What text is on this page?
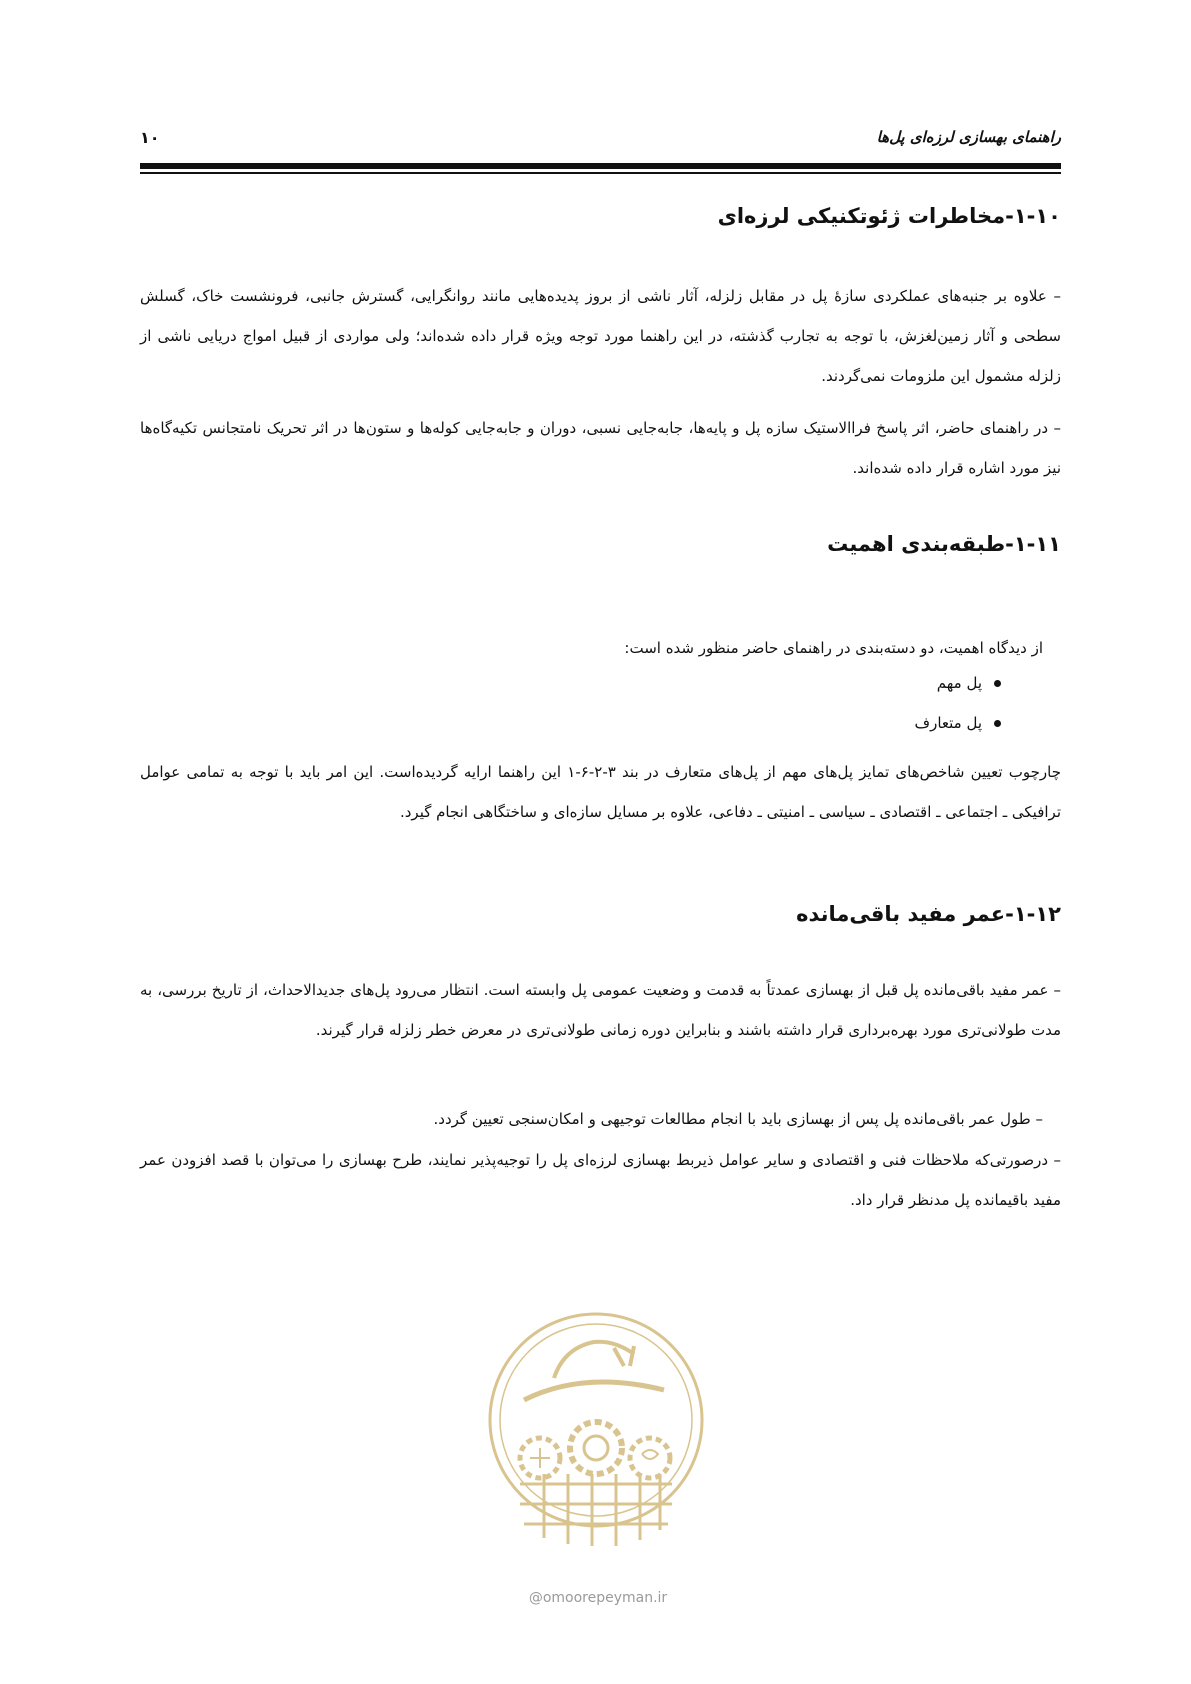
راهنمای بهسازی لرزه‌ای پل‌ها
۱۰
۱-۱۰-مخاطرات ژئوتکنیکی لرزه‌ای
– علاوه بر جنبه‌های عملکردی سازهٔ پل در مقابل زلزله، آثار ناشی از بروز پدیده‌هایی مانند روانگرایی، گسترش جانبی، فرونشست خاک، گسلش سطحی و آثار زمین‌لغزش، با توجه به تجارب گذشته، در این راهنما مورد توجه ویژه قرار داده شده‌اند؛ ولی مواردی از قبیل امواج دریایی ناشی از زلزله مشمول این ملزومات نمی‌گردند.
– در راهنمای حاضر، اثر پاسخ فراالاستیک سازه پل و پایه‌ها، جابه‌جایی نسبی، دوران و جابه‌جایی کوله‌ها و ستون‌ها در اثر تحریک نامتجانس تکیه‌گاه‌ها نیز مورد اشاره قرار داده شده‌اند.
۱-۱۱-طبقه‌بندی اهمیت
از دیدگاه اهمیت، دو دسته‌بندی در راهنمای حاضر منظور شده است:
پل مهم
پل متعارف
چارچوب تعیین شاخص‌های تمایز پل‌های مهم از پل‌های متعارف در بند ۳-۲-۶-۱ این راهنما ارایه گردیده‌است. این امر باید با توجه به تمامی عوامل ترافیکی ـ اجتماعی ـ اقتصادی ـ سیاسی ـ امنیتی ـ دفاعی، علاوه بر مسایل سازه‌ای و ساختگاهی انجام گیرد.
۱-۱۲-عمر مفید باقی‌مانده
– عمر مفید باقی‌مانده پل قبل از بهسازی عمدتاً به قدمت و وضعیت عمومی پل وابسته است. انتظار می‌رود پل‌های جدیدالاحداث، از تاریخ بررسی، به مدت طولانی‌تری مورد بهره‌برداری قرار داشته باشند و بنابراین دوره زمانی طولانی‌تری در معرض خطر زلزله قرار گیرند.
– طول عمر باقی‌مانده پل پس از بهسازی باید با انجام مطالعات توجیهی و امکان‌سنجی تعیین گردد.
– درصورتی‌که ملاحظات فنی و اقتصادی و سایر عوامل ذیربط بهسازی لرزه‌ای پل را توجیه‌پذیر نمایند، طرح بهسازی را می‌توان با قصد افزودن عمر مفید باقیمانده پل مدنظر قرار داد.
@omoorepeyman.ir
